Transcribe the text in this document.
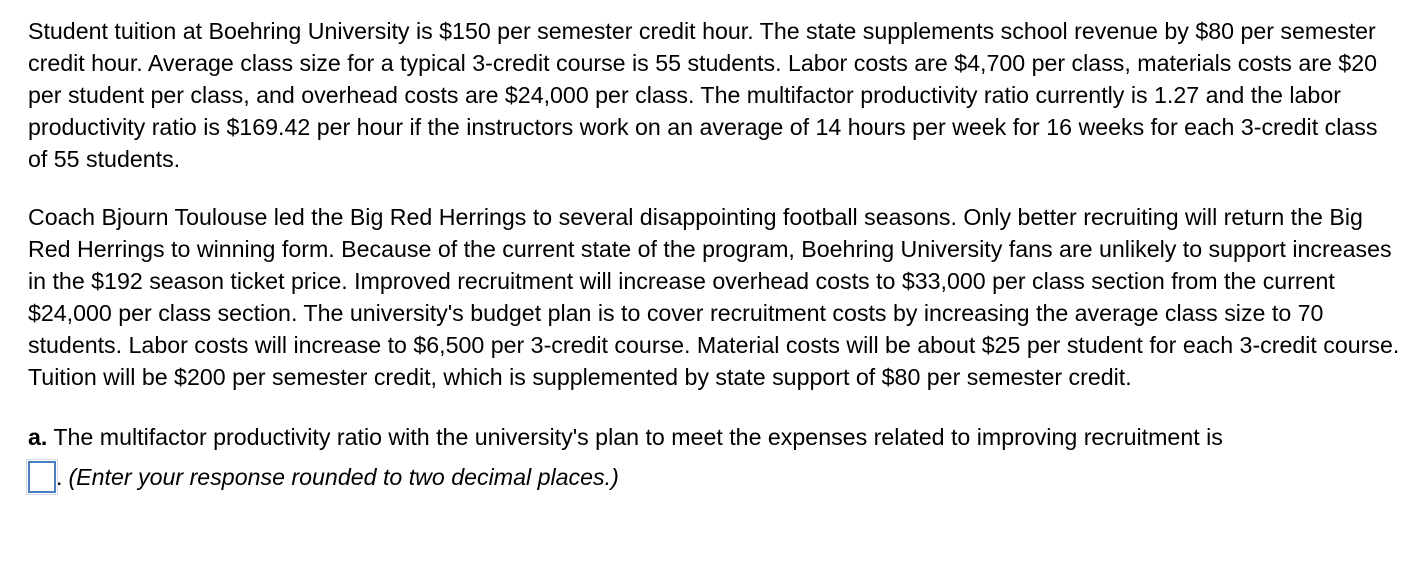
Student tuition at Boehring University is $150 per semester credit hour. The state supplements school revenue by $80 per semester credit hour. Average class size for a typical 3-credit course is 55 students. Labor costs are $4,700 per class, materials costs are $20 per student per class, and overhead costs are $24,000 per class. The multifactor productivity ratio currently is 1.27 and the labor productivity ratio is $169.42 per hour if the instructors work on an average of 14 hours per week for 16 weeks for each 3-credit class of 55 students.

Coach Bjourn Toulouse led the Big Red Herrings to several disappointing football seasons. Only better recruiting will return the Big Red Herrings to winning form. Because of the current state of the program, Boehring University fans are unlikely to support increases in the $192 season ticket price. Improved recruitment will increase overhead costs to $33,000 per class section from the current $24,000 per class section. The university's budget plan is to cover recruitment costs by increasing the average class size to 70 students. Labor costs will increase to $6,500 per 3-credit course. Material costs will be about $25 per student for each 3-credit course. Tuition will be $200 per semester credit, which is supplemented by state support of $80 per semester credit.

a. The multifactor productivity ratio with the university's plan to meet the expenses related to improving recruitment is

. (Enter your response rounded to two decimal places.)
